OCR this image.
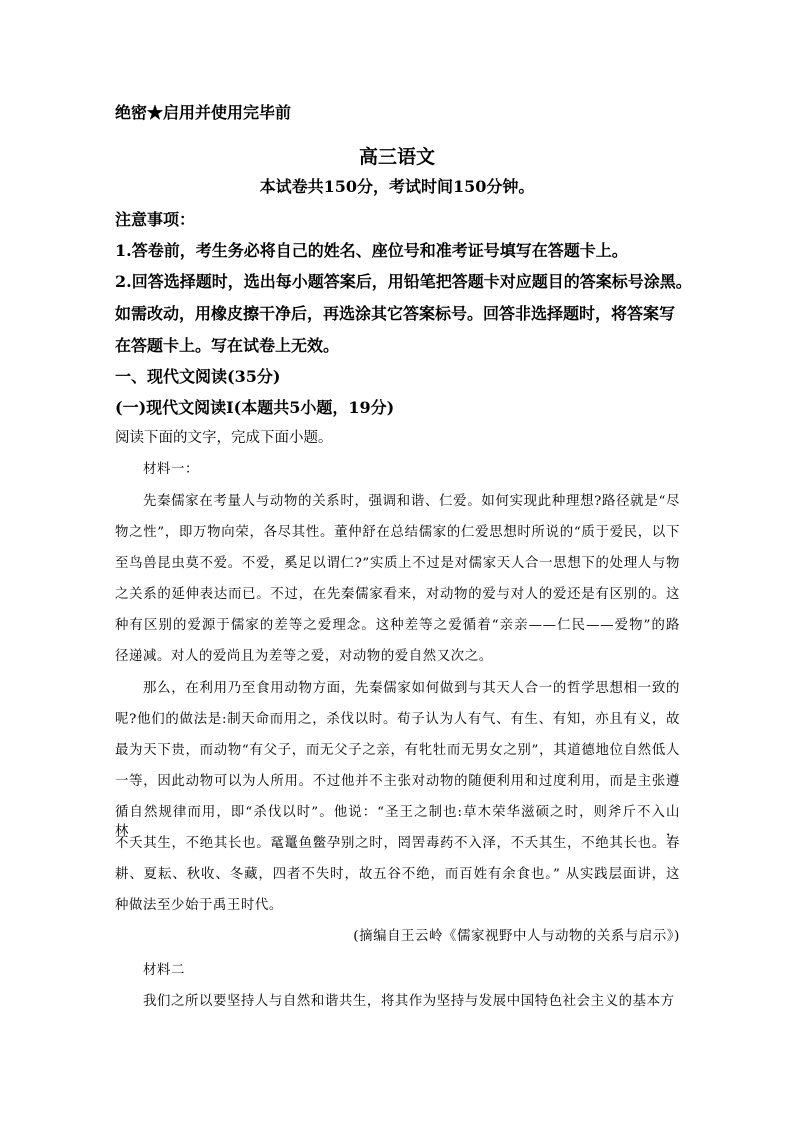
绝密★启用并使用完毕前
高三语文
本试卷共150分，考试时间150分钟。
注意事项：
1.答卷前，考生务必将自己的姓名、座位号和准考证号填写在答题卡上。
2.回答选择题时，选出每小题答案后，用铅笔把答题卡对应题目的答案标号涂黑。
如需改动，用橡皮擦干净后，再选涂其它答案标号。回答非选择题时，将答案写
在答题卡上。写在试卷上无效。
一、现代文阅读(35分)
(一)现代文阅读Ⅰ(本题共5小题，19分)
阅读下面的文字，完成下面小题。
材料一：
先秦儒家在考量人与动物的关系时，强调和谐、仁爱。如何实现此种理想?路径就是“尽
物之性”，即万物向荣，各尽其性。董仲舒在总结儒家的仁爱思想时所说的“质于爱民，以下
至鸟兽昆虫莫不爱。不爱，奚足以谓仁?”实质上不过是对儒家天人合一思想下的处理人与物
之关系的延伸表达而已。不过，在先秦儒家看来，对动物的爱与对人的爱还是有区别的。这
种有区别的爱源于儒家的差等之爱理念。这种差等之爱循着“亲亲——仁民——爱物”的路
径递减。对人的爱尚且为差等之爱，对动物的爱自然又次之。
那么，在利用乃至食用动物方面，先秦儒家如何做到与其天人合一的哲学思想相一致的
呢?他们的做法是:制天命而用之，杀伐以时。荀子认为人有气、有生、有知，亦且有义，故
最为天下贵，而动物“有父子，而无父子之亲，有牝牡而无男女之别”，其道德地位自然低人
一等，因此动物可以为人所用。不过他并不主张对动物的随便利用和过度利用，而是主张遵
循自然规律而用，即“杀伐以时”。他说：“圣王之制也:草木荣华滋硕之时，则斧斤不入山林，
不夭其生，不绝其长也。鼋鼍鱼鳖孕别之时，罔罟毒药不入泽，不夭其生，不绝其长也。春
耕、夏耘、秋收、冬藏，四者不失时，故五谷不绝，而百姓有余食也。” 从实践层面讲，这
种做法至少始于禹王时代。
(摘编自王云岭《儒家视野中人与动物的关系与启示》)
材料二
我们之所以要坚持人与自然和谐共生，将其作为坚持与发展中国特色社会主义的基本方
